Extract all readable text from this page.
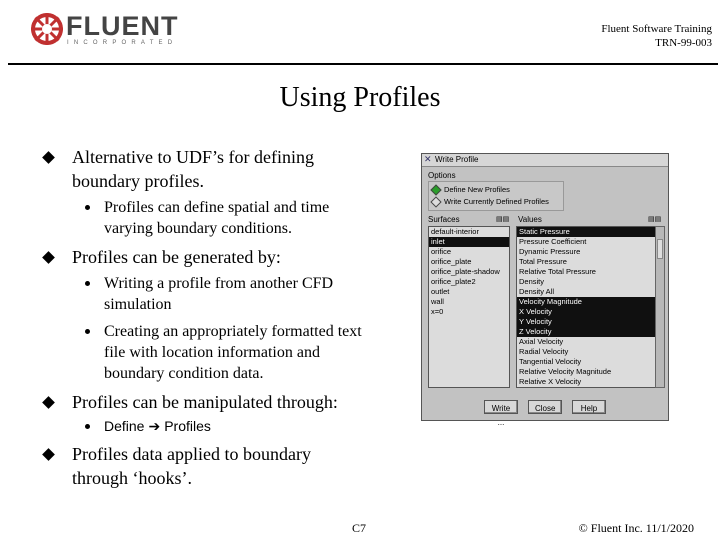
FLUENT
INCORPORATED
Fluent Software Training
TRN-99-003
Using Profiles
Alternative to UDF’s for defining
boundary profiles.
Profiles can define spatial and time
varying boundary conditions.
Profiles can be generated by:
Writing a profile from another CFD
simulation
Creating an appropriately formatted text
file with location information and
boundary condition data.
Profiles can be manipulated through:
Define ➔ Profiles
Profiles data applied to boundary
through ‘hooks’.
✕ Write Profile
Options
Define New Profiles
Write Currently Defined Profiles
Surfaces	▤▤
default-interior
inlet
orifice
orifice_plate
orifice_plate-shadow
orifice_plate2
outlet
wall
x=0
Values	▤▤
Static Pressure
Pressure Coefficient
Dynamic Pressure
Total Pressure
Relative Total Pressure
Density
Density All
Velocity Magnitude
X Velocity
Y Velocity
Z Velocity
Axial Velocity
Radial Velocity
Tangential Velocity
Relative Velocity Magnitude
Relative X Velocity
Write ...
Close	Help
C7	© Fluent Inc. 11/1/2020
